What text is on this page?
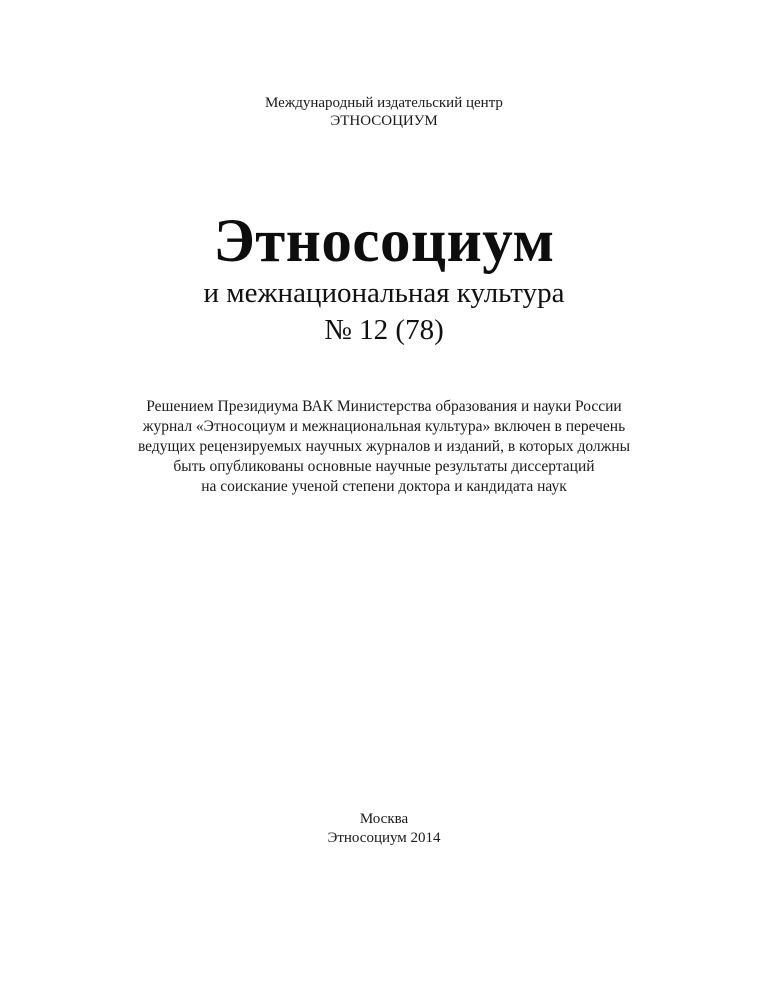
Международный издательский центр
ЭТНОСОЦИУМ
Этносоциум
и межнациональная культура
№ 12 (78)
Решением Президиума ВАК Министерства образования и науки России
журнал «Этносоциум и межнациональная культура» включен в перечень
ведущих рецензируемых научных журналов и изданий, в которых должны
быть опубликованы основные научные результаты диссертаций
на соискание ученой степени доктора и кандидата наук
Москва
Этносоциум 2014
